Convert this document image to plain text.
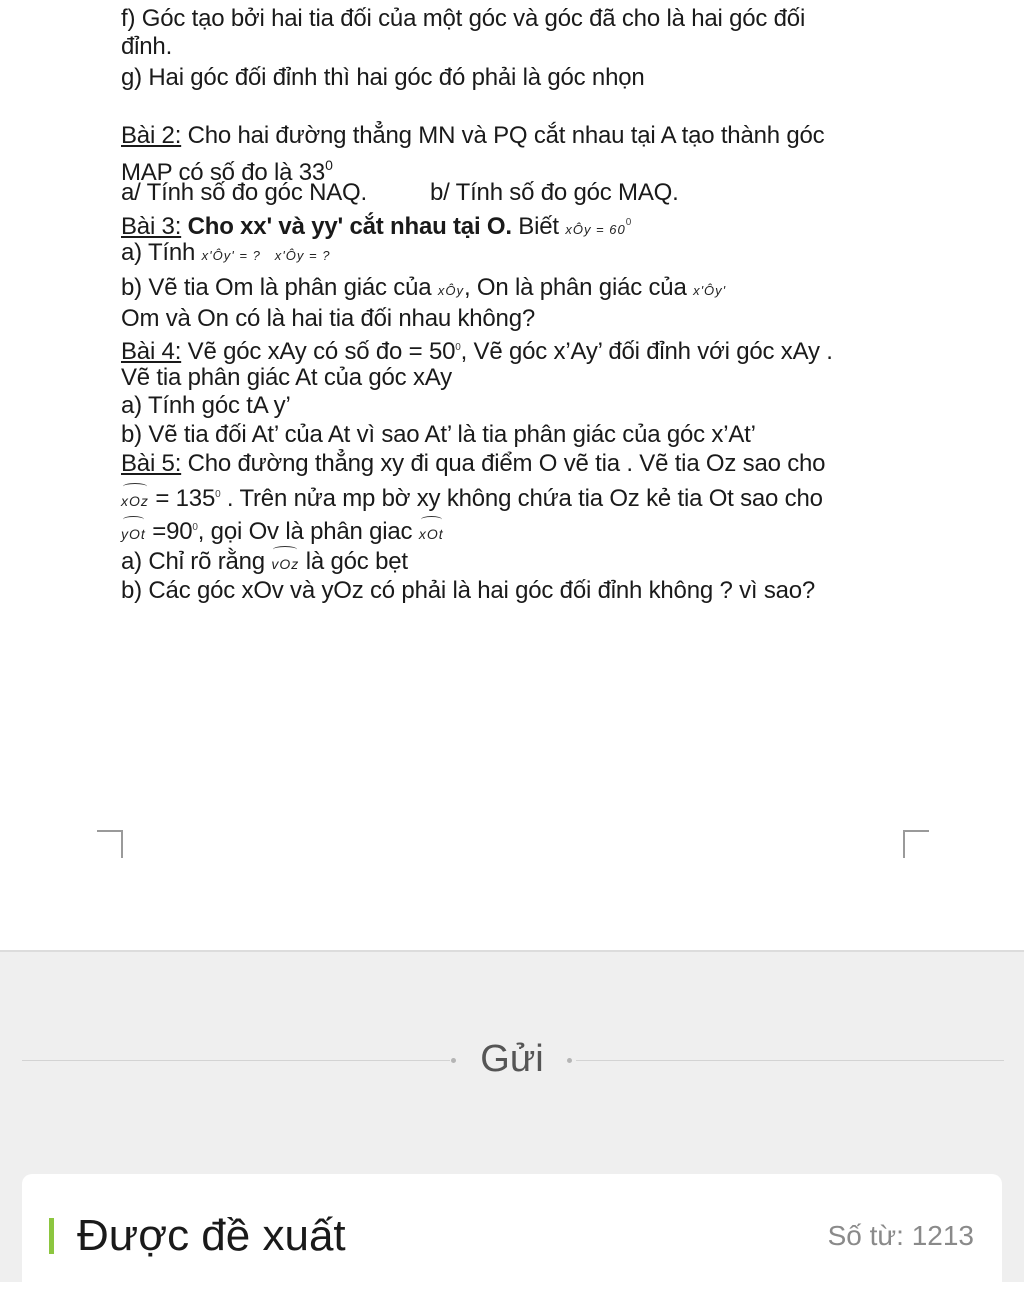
f) Góc tạo bởi hai tia đối của một góc và góc đã cho là hai góc đối
đỉnh.
g) Hai góc đối đỉnh thì hai góc đó phải là góc nhọn
Bài 2: Cho hai đường thẳng MN và PQ cắt nhau tại A tạo thành góc
MAP có số đo là $33^0$
a/ Tính số đo góc NAQ.	b/ Tính số đo góc MAQ.
Bài 3: Cho xx' và yy' cắt nhau tại O. Biết xÔy = $60^0$
a) Tính x'Ôy' = ? x'Ôy = ?
b) Vẽ tia Om là phân giác của xÔy, On là phân giác của x'Ôy'
Om và On có là hai tia đối nhau không?
Bài 4: Vẽ góc xAy có số đo = $50^0$, Vẽ góc x’Ay’ đối đỉnh với góc xAy .
Vẽ tia phân giác At của góc xAy
a) Tính góc tA y’
b) Vẽ tia đối At’ của At vì sao At’ là tia phân giác của góc x’At’
Bài 5: Cho đường thẳng xy đi qua điểm O vẽ tia . Vẽ tia Oz sao cho
xOz = $135^0$ . Trên nửa mp bờ xy không chứa tia Oz kẻ tia Ot sao cho
yOt $=90^0$, gọi Ov là phân giac xOt
a) Chỉ rõ rằng vOz là góc bẹt
b) Các góc xOv và yOz có phải là hai góc đối đỉnh không ? vì sao?
Gửi
Được đề xuất	Số từ: 1213
